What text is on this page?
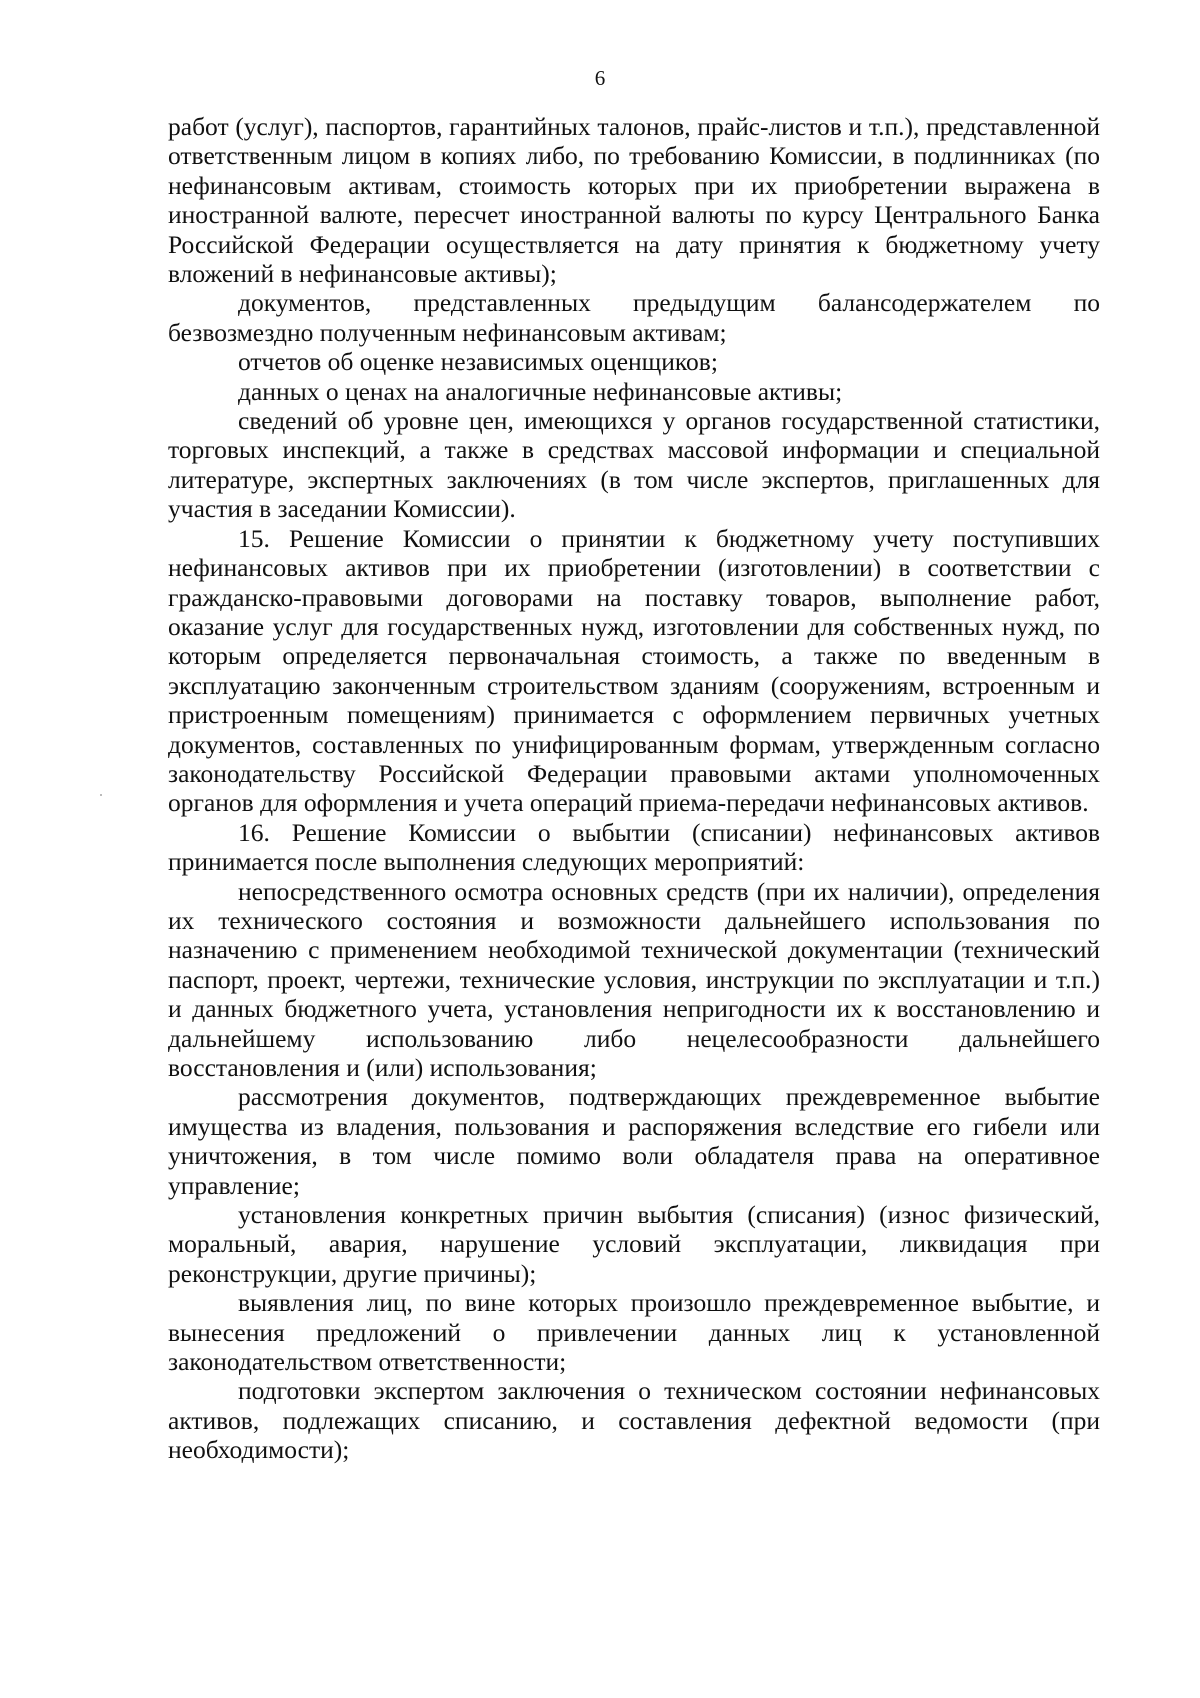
6

работ (услуг), паспортов, гарантийных талонов, прайс-листов и т.п.), представленной ответственным лицом в копиях либо, по требованию Комиссии, в подлинниках (по нефинансовым активам, стоимость которых при их приобретении выражена в иностранной валюте, пересчет иностранной валюты по курсу Центрального Банка Российской Федерации осуществляется на дату принятия к бюджетному учету вложений в нефинансовые активы);

документов, представленных предыдущим балансодержателем по безвозмездно полученным нефинансовым активам;

отчетов об оценке независимых оценщиков;

данных о ценах на аналогичные нефинансовые активы;

сведений об уровне цен, имеющихся у органов государственной статистики, торговых инспекций, а также в средствах массовой информации и специальной литературе, экспертных заключениях (в том числе экспертов, приглашенных для участия в заседании Комиссии).

15. Решение Комиссии о принятии к бюджетному учету поступивших нефинансовых активов при их приобретении (изготовлении) в соответствии с гражданско-правовыми договорами на поставку товаров, выполнение работ, оказание услуг для государственных нужд, изготовлении для собственных нужд, по которым определяется первоначальная стоимость, а также по введенным в эксплуатацию законченным строительством зданиям (сооружениям, встроенным и пристроенным помещениям) принимается с оформлением первичных учетных документов, составленных по унифицированным формам, утвержденным согласно законодательству Российской Федерации правовыми актами уполномоченных органов для оформления и учета операций приема-передачи нефинансовых активов.

16. Решение Комиссии о выбытии (списании) нефинансовых активов принимается после выполнения следующих мероприятий:

непосредственного осмотра основных средств (при их наличии), определения их технического состояния и возможности дальнейшего использования по назначению с применением необходимой технической документации (технический паспорт, проект, чертежи, технические условия, инструкции по эксплуатации и т.п.) и данных бюджетного учета, установления непригодности их к восстановлению и дальнейшему использованию либо нецелесообразности дальнейшего восстановления и (или) использования;

рассмотрения документов, подтверждающих преждевременное выбытие имущества из владения, пользования и распоряжения вследствие его гибели или уничтожения, в том числе помимо воли обладателя права на оперативное управление;

установления конкретных причин выбытия (списания) (износ физический, моральный, авария, нарушение условий эксплуатации, ликвидация при реконструкции, другие причины);

выявления лиц, по вине которых произошло преждевременное выбытие, и вынесения предложений о привлечении данных лиц к установленной законодательством ответственности;

подготовки экспертом заключения о техническом состоянии нефинансовых активов, подлежащих списанию, и составления дефектной ведомости (при необходимости);
